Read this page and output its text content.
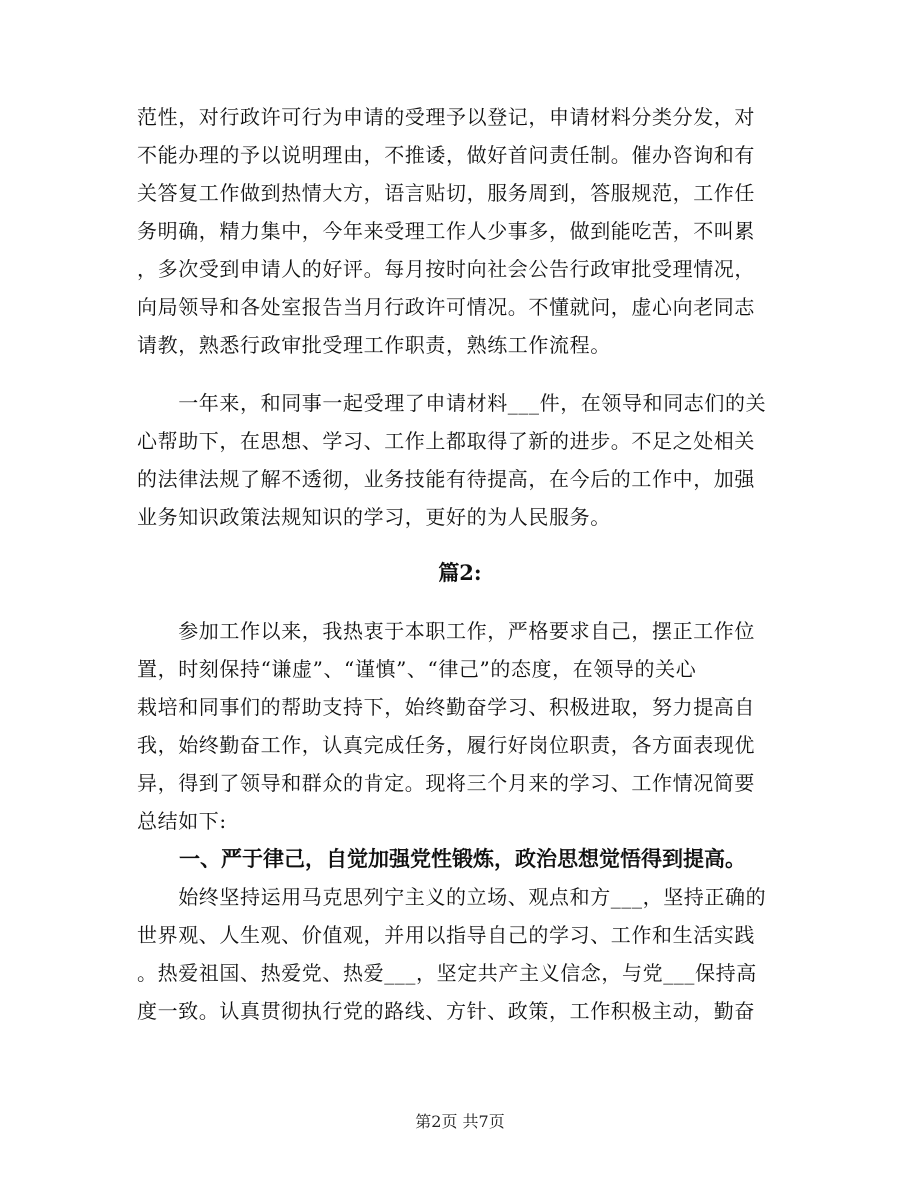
范性，对行政许可行为申请的受理予以登记，申请材料分类分发，对
不能办理的予以说明理由，不推诿，做好首问责任制。催办咨询和有
关答复工作做到热情大方，语言贴切，服务周到，答服规范，工作任
务明确，精力集中，今年来受理工作人少事多，做到能吃苦，不叫累
，多次受到申请人的好评。每月按时向社会公告行政审批受理情况，
向局领导和各处室报告当月行政许可情况。不懂就问，虚心向老同志
请教，熟悉行政审批受理工作职责，熟练工作流程。
　　一年来，和同事一起受理了申请材料___件，在领导和同志们的关
心帮助下，在思想、学习、工作上都取得了新的进步。不足之处相关
的法律法规了解不透彻，业务技能有待提高，在今后的工作中，加强
业务知识政策法规知识的学习，更好的为人民服务。
篇2:
　　参加工作以来，我热衷于本职工作，严格要求自己，摆正工作位
置，时刻保持“谦虚”、“谨慎”、“律己”的态度，在领导的关心
栽培和同事们的帮助支持下，始终勤奋学习、积极进取，努力提高自
我，始终勤奋工作，认真完成任务，履行好岗位职责，各方面表现优
异，得到了领导和群众的肯定。现将三个月来的学习、工作情况简要
总结如下:
　　一、严于律己，自觉加强党性锻炼，政治思想觉悟得到提高。
　　始终坚持运用马克思列宁主义的立场、观点和方___，坚持正确的
世界观、人生观、价值观，并用以指导自己的学习、工作和生活实践
。热爱祖国、热爱党、热爱___，坚定共产主义信念，与党___保持高
度一致。认真贯彻执行党的路线、方针、政策，工作积极主动，勤奋
第2页 共7页
